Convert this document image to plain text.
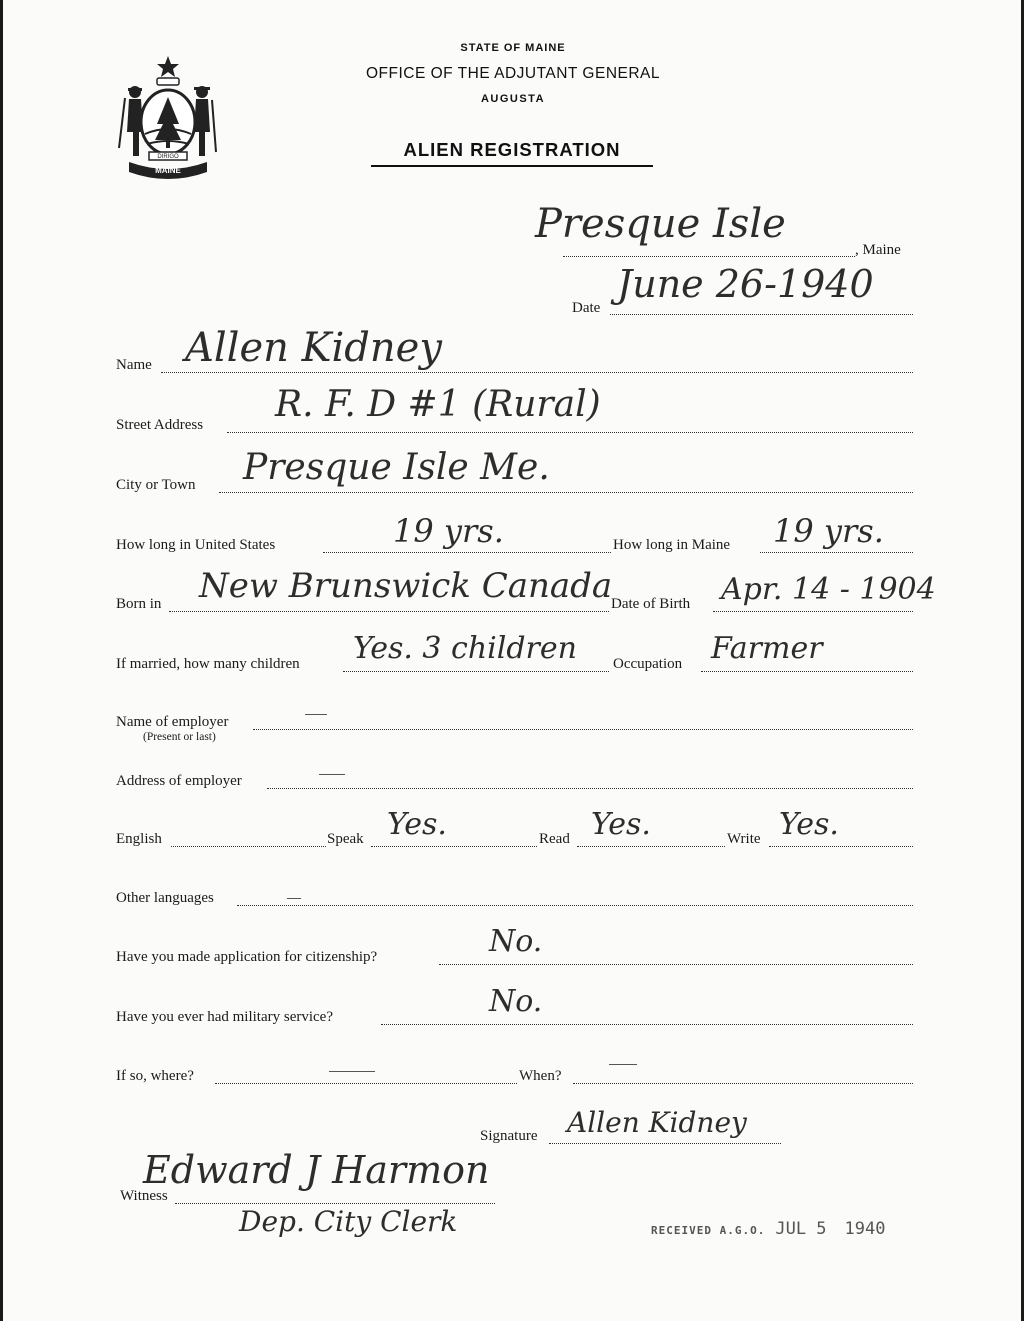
DIRIGO
MAINE
STATE OF MAINE
OFFICE OF THE ADJUTANT GENERAL
AUGUSTA
ALIEN REGISTRATION
Presque Isle
, Maine
Date
June 26-1940
Name Allen Kidney
Street Address R. F. D #1 (Rural)
City or Town Presque Isle Me.
How long in United States	19 yrs.	How long in Maine 19 yrs.
Born in New Brunswick Canada
Date of Birth Apr. 14 - 1904
If married, how many children Yes. 3 children Occupation Farmer
Name of employer
(Present or last)
Address of employer
English	Speak Yes.	Read Yes.	Write Yes.
Other languages
Have you made application for citizenship?	No.
Have you ever had military service?	No.
If so, where?	When?
Signature Allen Kidney
Witness
Edward J Harmon
Dep. City Clerk	RECEIVED A.G.O. JUL 5 1940
